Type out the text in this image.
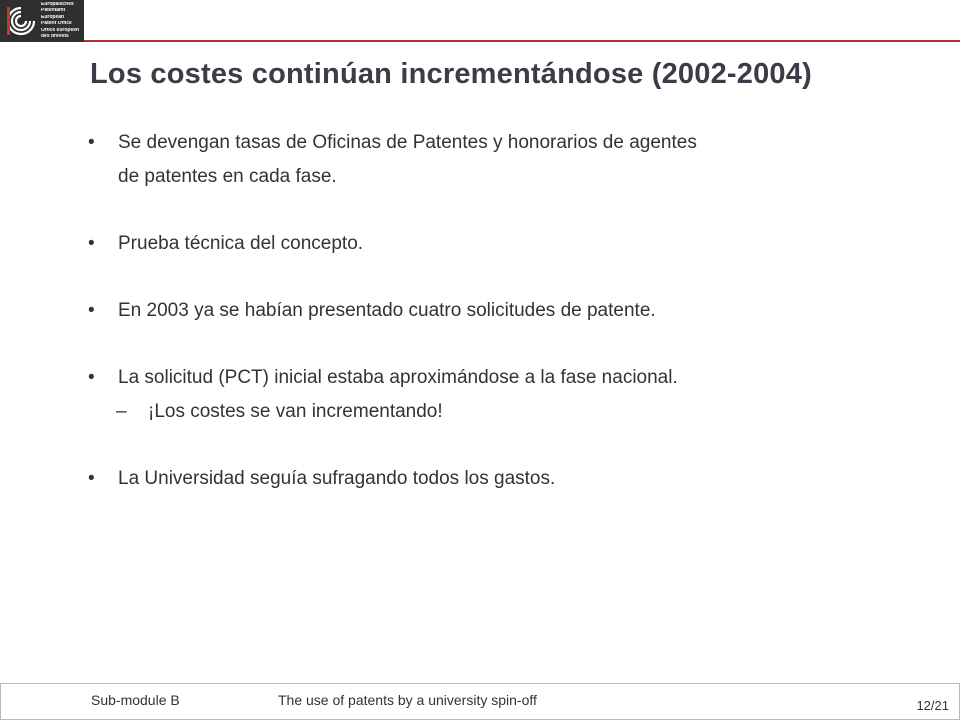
Europäisches
Patentamt
European
Patent Office
Office européen
des brevets
Los costes continúan incrementándose (2002-2004)
• Se devengan tasas de Oficinas de Patentes y honorarios de agentes
de patentes en cada fase.
• Prueba técnica del concepto.
• En 2003 ya se habían presentado cuatro solicitudes de patente.
• La solicitud (PCT) inicial estaba aproximándose a la fase nacional.
– ¡Los costes se van incrementando!
• La Universidad seguía sufragando todos los gastos.
Sub-module B	The use of patents by a university spin-off	12/21
